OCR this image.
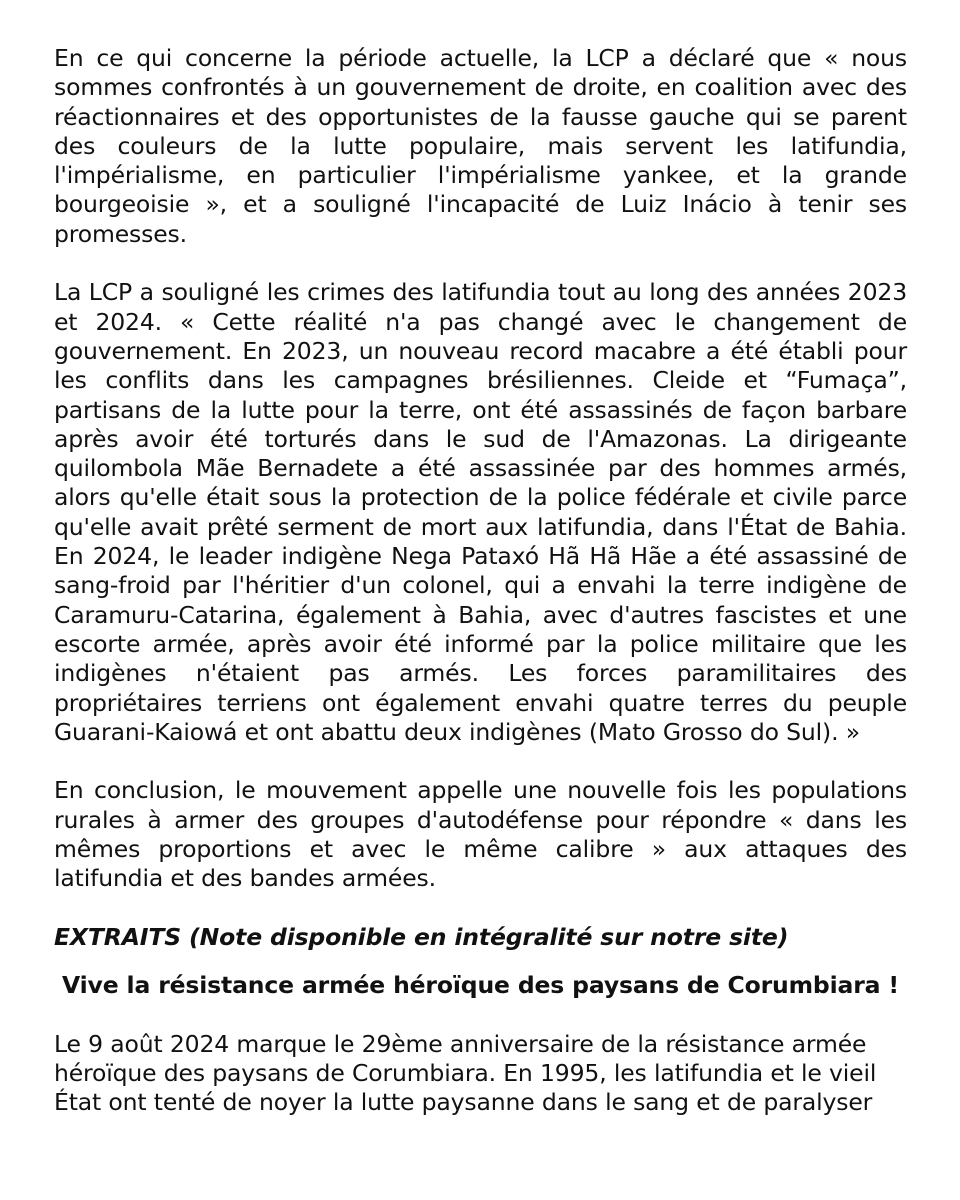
En ce qui concerne la période actuelle, la LCP a déclaré que « nous sommes confrontés à un gouvernement de droite, en coalition avec des réactionnaires et des opportunistes de la fausse gauche qui se parent des couleurs de la lutte populaire, mais servent les latifundia, l'impérialisme, en particulier l'impérialisme yankee, et la grande bourgeoisie », et a souligné l'incapacité de Luiz Inácio à tenir ses promesses.

La LCP a souligné les crimes des latifundia tout au long des années 2023 et 2024. « Cette réalité n'a pas changé avec le changement de gouvernement. En 2023, un nouveau record macabre a été établi pour les conflits dans les campagnes brésiliennes. Cleide et “Fumaça”, partisans de la lutte pour la terre, ont été assassinés de façon barbare après avoir été torturés dans le sud de l'Amazonas. La dirigeante quilombola Mãe Bernadete a été assassinée par des hommes armés, alors qu'elle était sous la protection de la police fédérale et civile parce qu'elle avait prêté serment de mort aux latifundia, dans l'État de Bahia. En 2024, le leader indigène Nega Pataxó Hã Hã Hãe a été assassiné de sang-froid par l'héritier d'un colonel, qui a envahi la terre indigène de Caramuru-Catarina, également à Bahia, avec d'autres fascistes et une escorte armée, après avoir été informé par la police militaire que les indigènes n'étaient pas armés. Les forces paramilitaires des propriétaires terriens ont également envahi quatre terres du peuple Guarani-Kaiowá et ont abattu deux indigènes (Mato Grosso do Sul). »

En conclusion, le mouvement appelle une nouvelle fois les populations rurales à armer des groupes d'autodéfense pour répondre « dans les mêmes proportions et avec le même calibre » aux attaques des latifundia et des bandes armées.

EXTRAITS (Note disponible en intégralité sur notre site)

Vive la résistance armée héroïque des paysans de Corumbiara !

Le 9 août 2024 marque le 29ème anniversaire de la résistance armée héroïque des paysans de Corumbiara. En 1995, les latifundia et le vieil État ont tenté de noyer la lutte paysanne dans le sang et de paralyser
